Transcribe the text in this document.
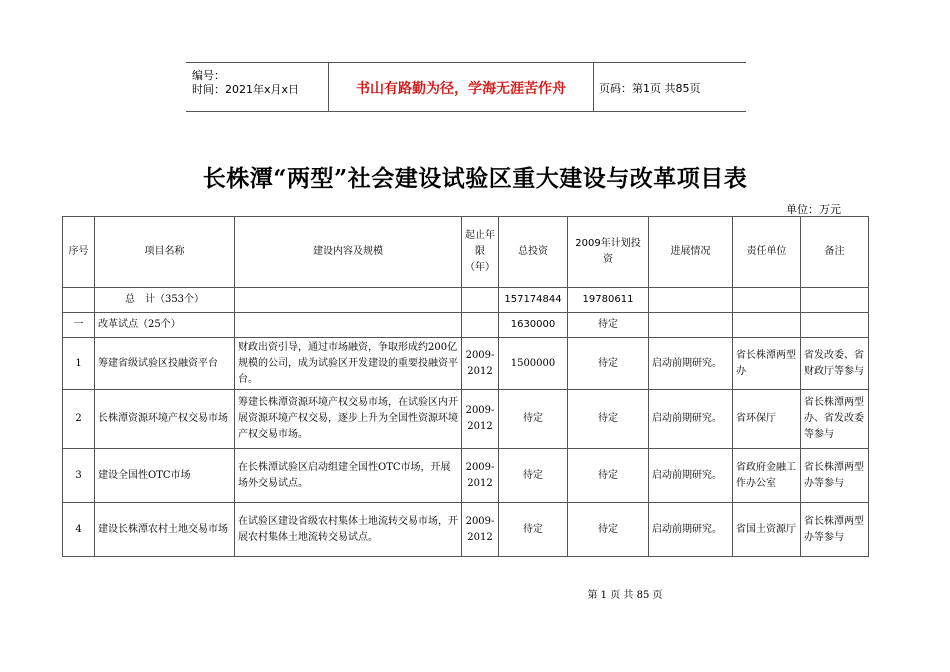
编号：
时间：2021年x月x日	书山有路勤为径，学海无涯苦作舟	页码：第1页 共85页
长株潭“两型”社会建设试验区重大建设与改革项目表
单位：万元
序号	项目名称	建设内容及规模	起止年限（年）	总投资	2009年计划投资	进展情况	责任单位	备注
	总　计（353个）			157174844	19780611			
一	改革试点（25个）			1630000	待定			
1	筹建省级试验区投融资平台	财政出资引导，通过市场融资，争取形成约200亿规模的公司，成为试验区开发建设的重要投融资平台。	2009-2012	1500000	待定	启动前期研究。	省长株潭两型办	省发改委、省财政厅等参与
2	长株潭资源环境产权交易市场	筹建长株潭资源环境产权交易市场，在试验区内开展资源环境产权交易，逐步上升为全国性资源环境产权交易市场。	2009-2012	待定	待定	启动前期研究。	省环保厅	省长株潭两型办、省发改委等参与
3	建设全国性OTC市场	在长株潭试验区启动组建全国性OTC市场，开展场外交易试点。	2009-2012	待定	待定	启动前期研究。	省政府金融工作办公室	省长株潭两型办等参与
4	建设长株潭农村土地交易市场	在试验区建设省级农村集体土地流转交易市场，开展农村集体土地流转交易试点。	2009-2012	待定	待定	启动前期研究。	省国土资源厅	省长株潭两型办等参与
第 1 页 共 85 页
